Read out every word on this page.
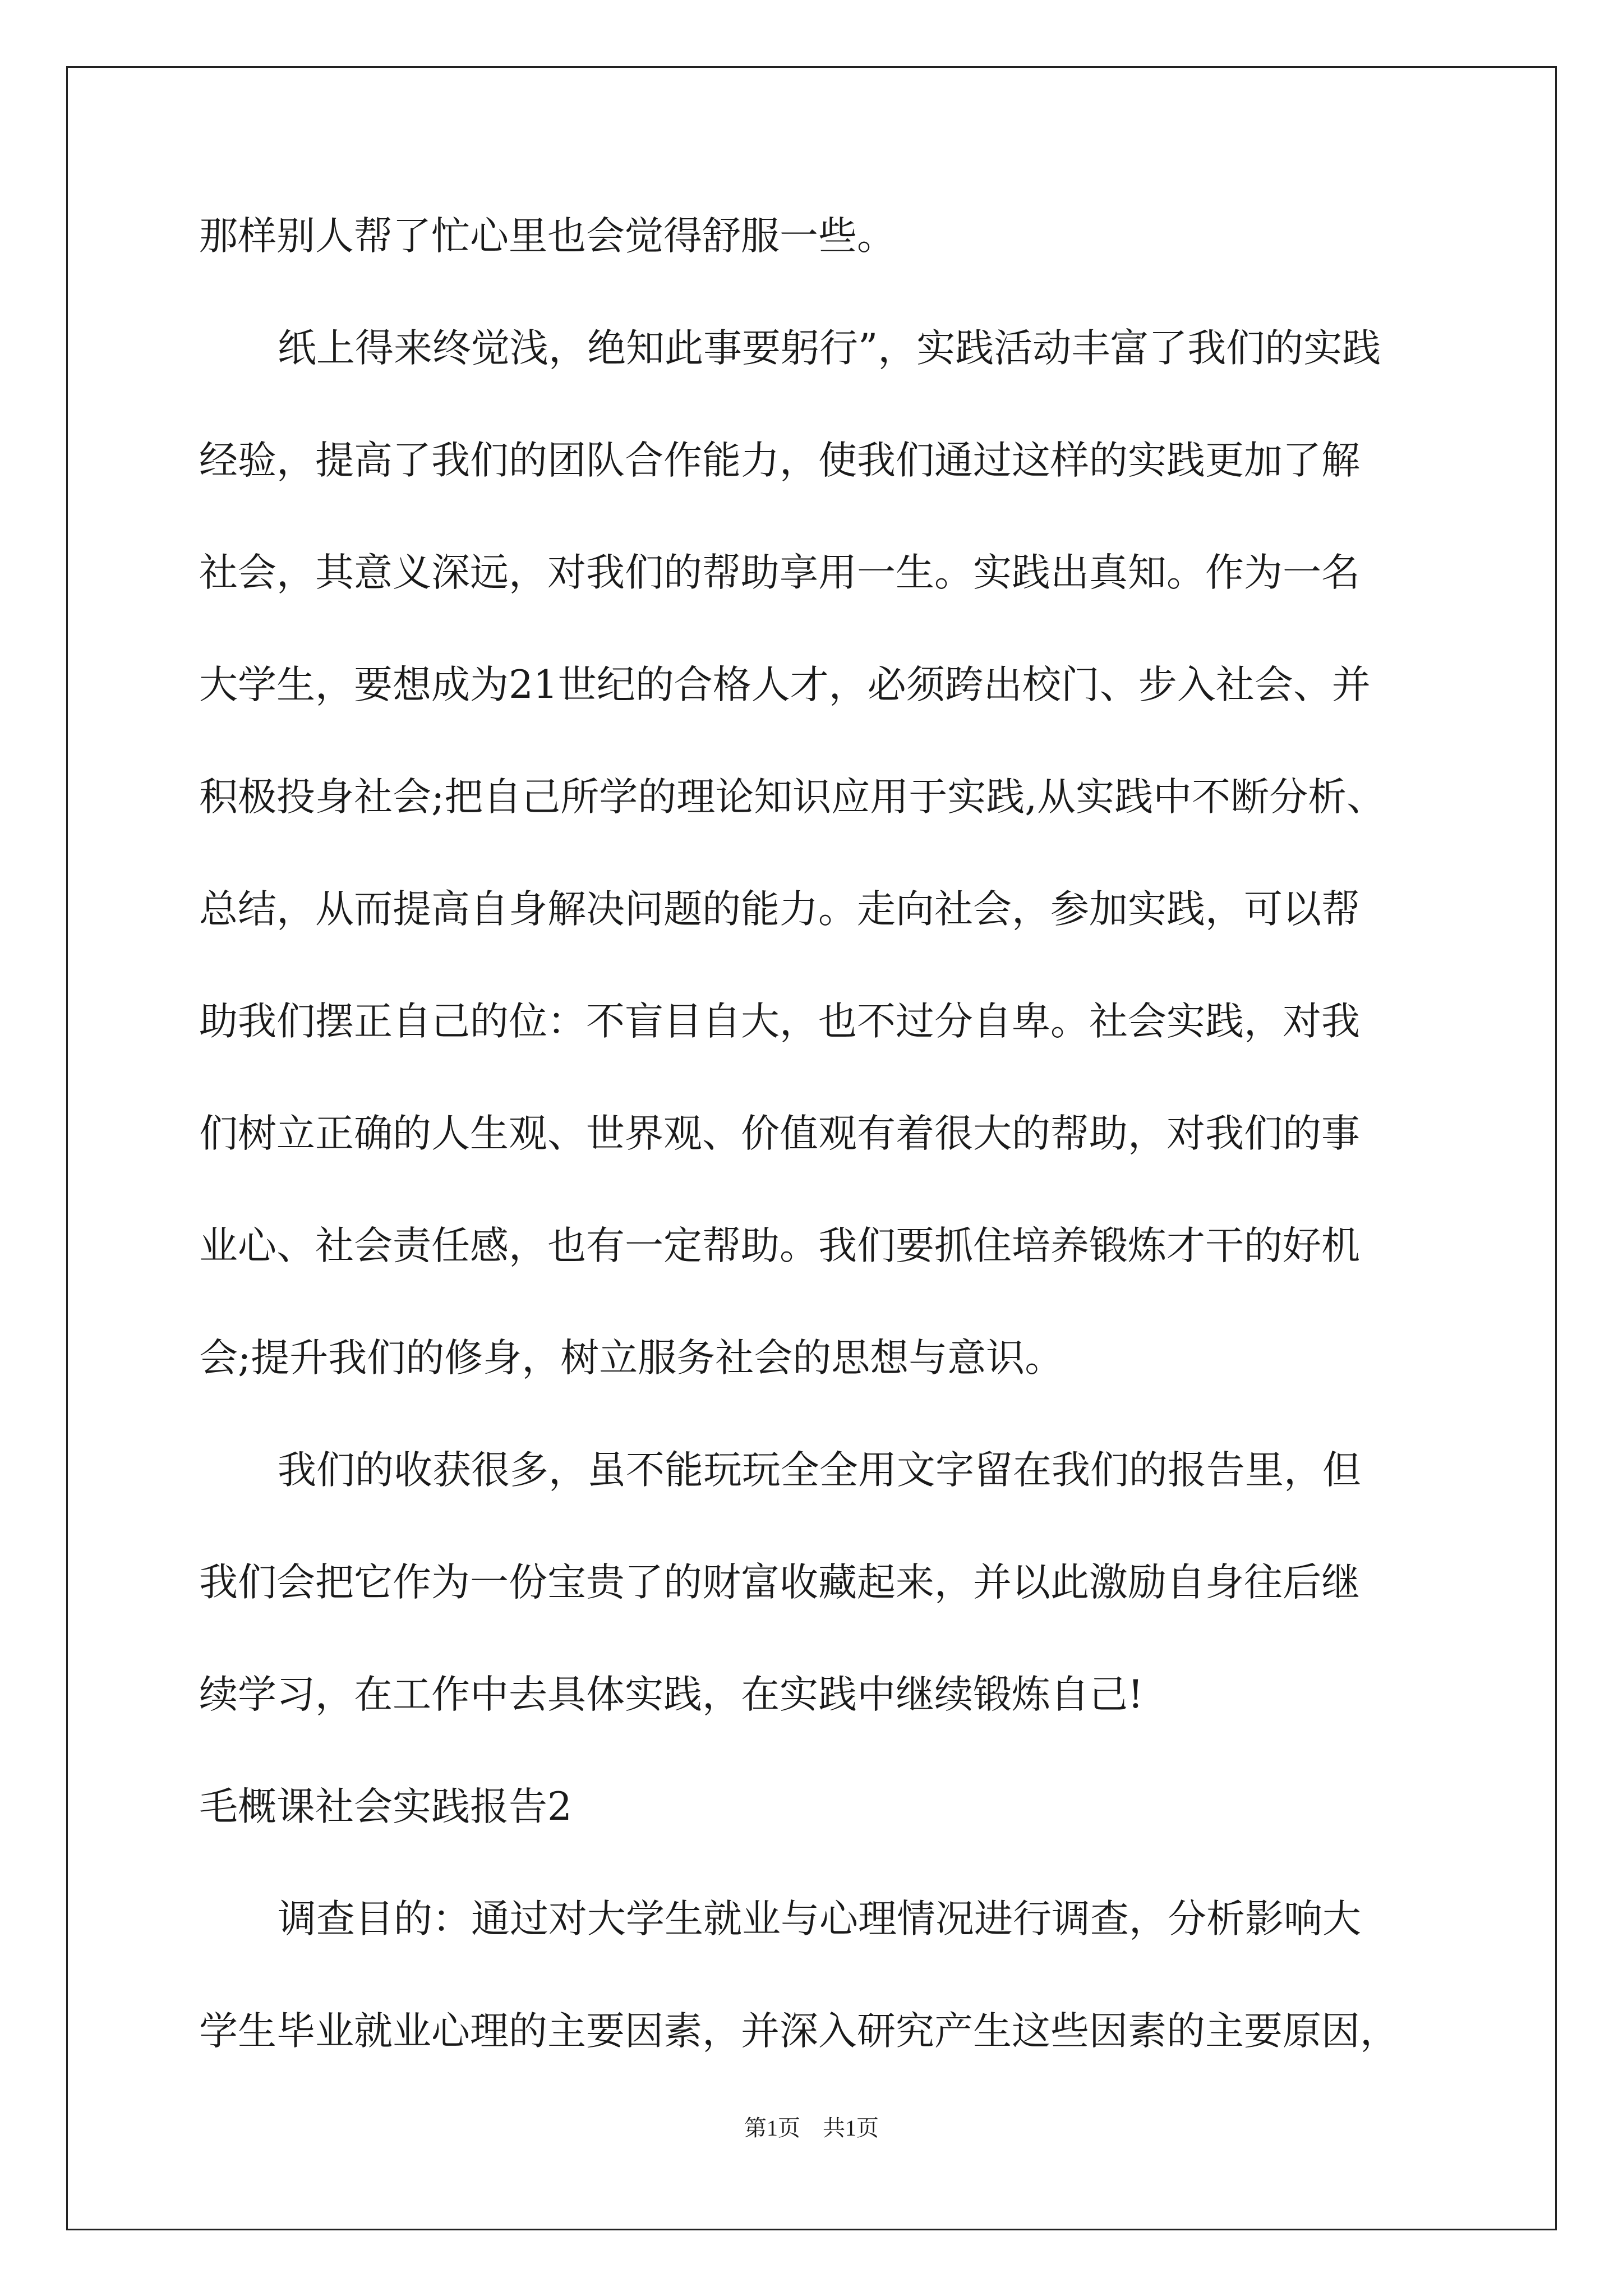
那样别人帮了忙心里也会觉得舒服一些。
纸上得来终觉浅，绝知此事要躬行”，实践活动丰富了我们的实践
经验，提高了我们的团队合作能力，使我们通过这样的实践更加了解
社会，其意义深远，对我们的帮助享用一生。实践出真知。作为一名
大学生，要想成为21世纪的合格人才，必须跨出校门、步入社会、并
积极投身社会;把自己所学的理论知识应用于实践,从实践中不断分析、
总结，从而提高自身解决问题的能力。走向社会，参加实践，可以帮
助我们摆正自己的位：不盲目自大，也不过分自卑。社会实践，对我
们树立正确的人生观、世界观、价值观有着很大的帮助，对我们的事
业心、社会责任感，也有一定帮助。我们要抓住培养锻炼才干的好机
会;提升我们的修身，树立服务社会的思想与意识。
我们的收获很多，虽不能玩玩全全用文字留在我们的报告里，但
我们会把它作为一份宝贵了的财富收藏起来，并以此激励自身往后继
续学习，在工作中去具体实践，在实践中继续锻炼自己!
毛概课社会实践报告2
调查目的：通过对大学生就业与心理情况进行调查，分析影响大
学生毕业就业心理的主要因素，并深入研究产生这些因素的主要原因，
第1页　共1页
